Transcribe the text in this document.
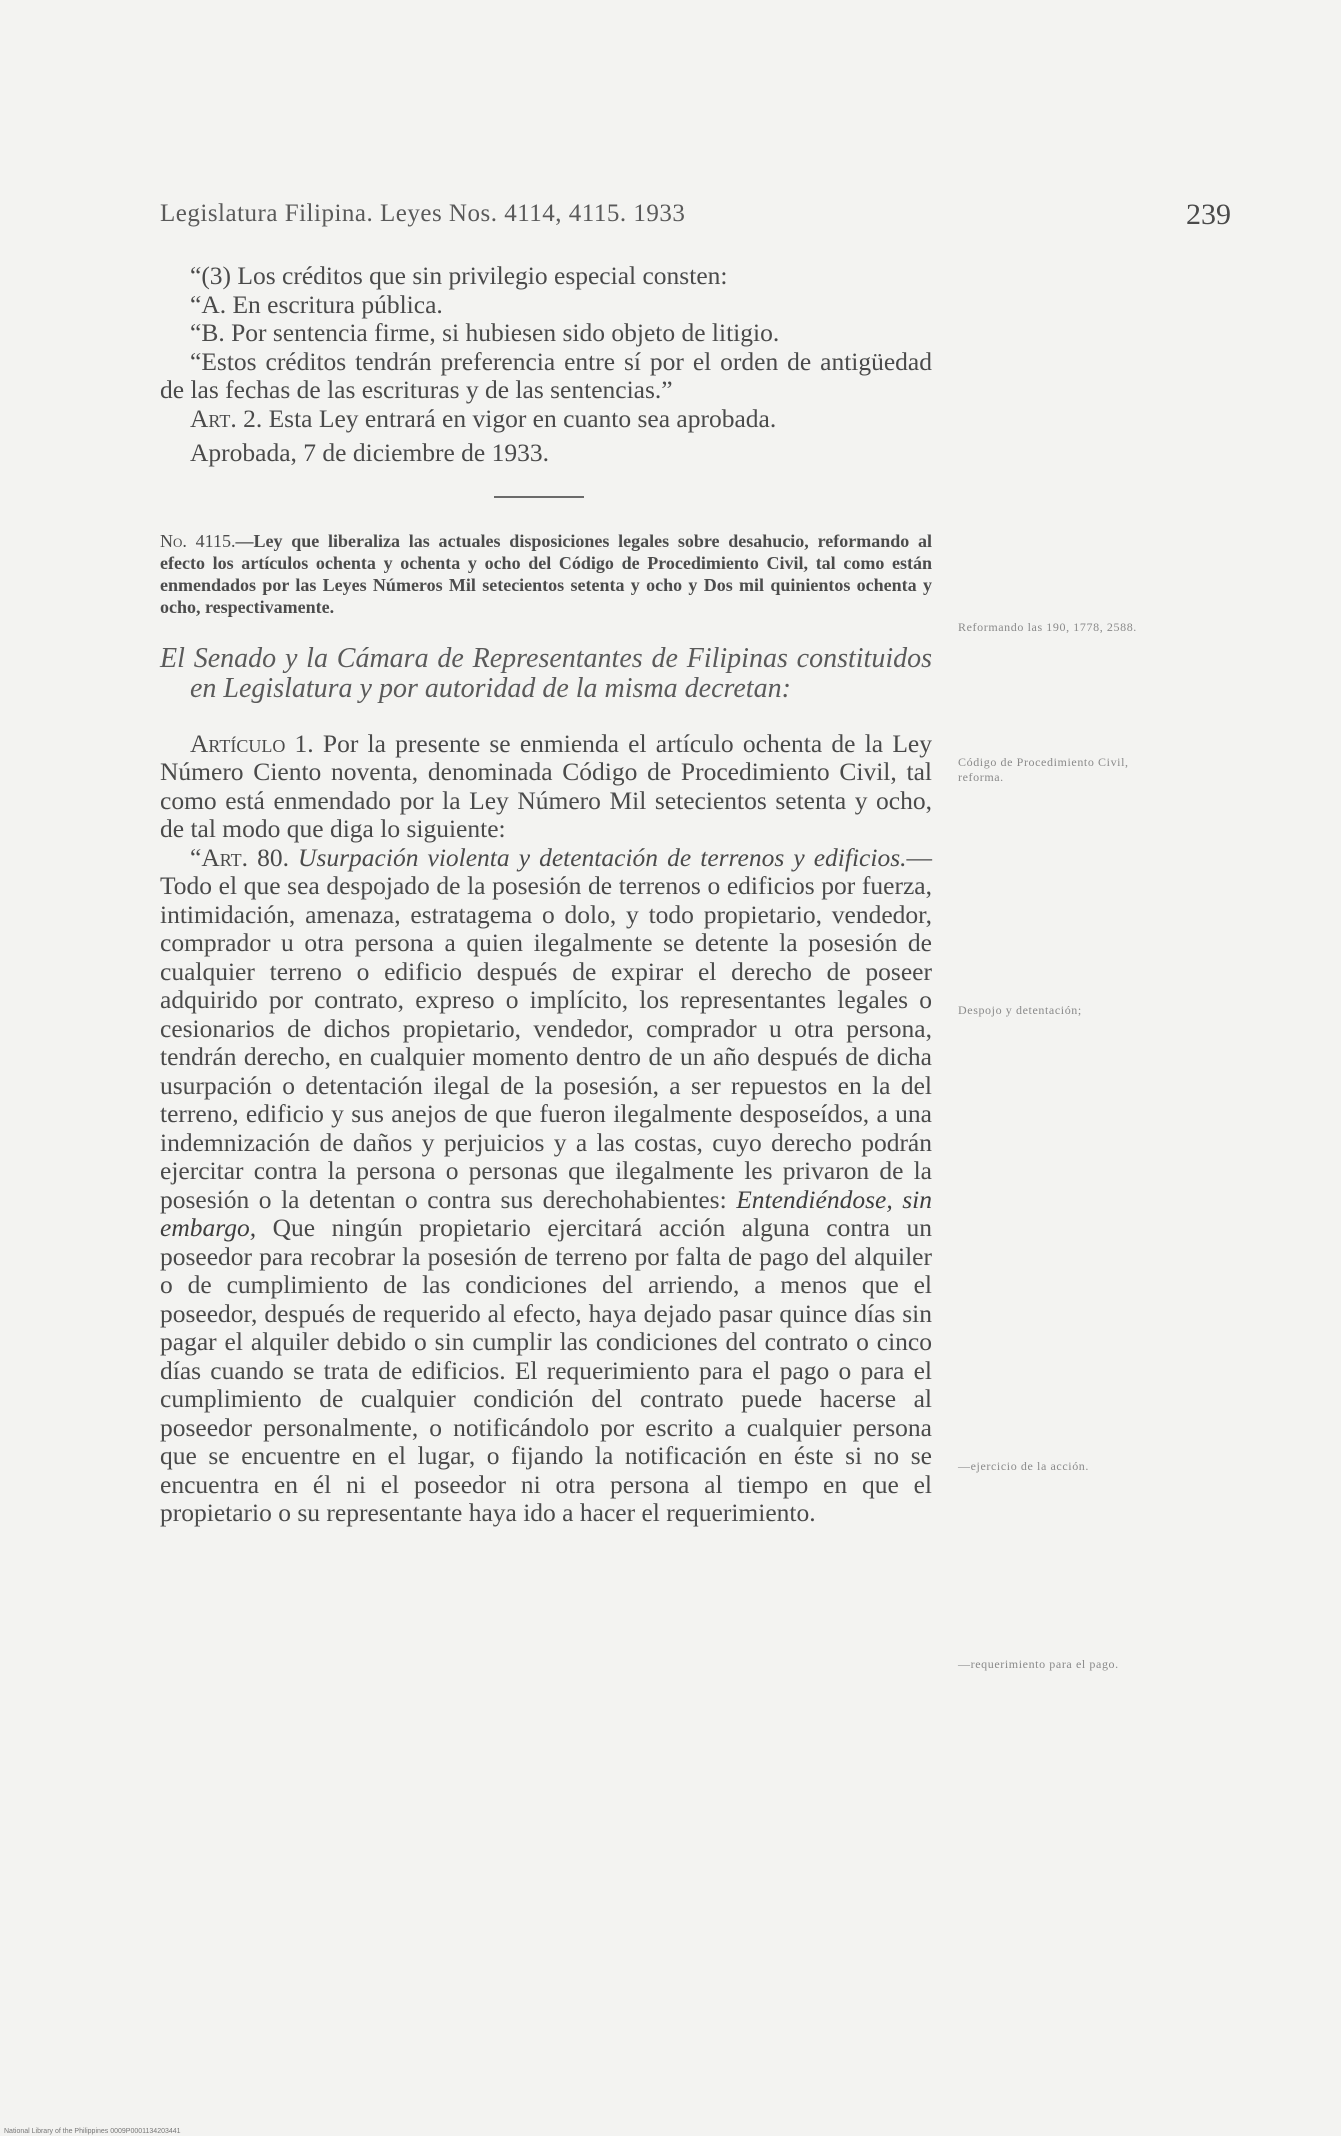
Legislatura Filipina. Leyes Nos. 4114, 4115. 1933	239

“(3) Los créditos que sin privilegio especial consten:

“A. En escritura pública.

“B. Por sentencia firme, si hubiesen sido objeto de litigio.

“Estos créditos tendrán preferencia entre sí por el orden de antigüedad de las fechas de las escrituras y de las sentencias.”

Art. 2. Esta Ley entrará en vigor en cuanto sea aprobada.

Aprobada, 7 de diciembre de 1933.

No. 4115.—Ley que liberaliza las actuales disposiciones legales sobre desahucio, reformando al efecto los artículos ochenta y ochenta y ocho del Código de Procedimiento Civil, tal como están enmendados por las Leyes Números Mil setecientos setenta y ocho y Dos mil quinientos ochenta y ocho, respectivamente.

El Senado y la Cámara de Representantes de Filipinas constituidos en Legislatura y por autoridad de la misma decretan:

Artículo 1. Por la presente se enmienda el artículo ochenta de la Ley Número Ciento noventa, denominada Código de Procedimiento Civil, tal como está enmendado por la Ley Número Mil setecientos setenta y ocho, de tal modo que diga lo siguiente:

“Art. 80. Usurpación violenta y detentación de terrenos y edificios.—Todo el que sea despojado de la posesión de terrenos o edificios por fuerza, intimidación, amenaza, estratagema o dolo, y todo propietario, vendedor, comprador u otra persona a quien ilegalmente se detente la posesión de cualquier terreno o edificio después de expirar el derecho de poseer adquirido por contrato, expreso o implícito, los representantes legales o cesionarios de dichos propietario, vendedor, comprador u otra persona, tendrán derecho, en cualquier momento dentro de un año después de dicha usurpación o detentación ilegal de la posesión, a ser repuestos en la del terreno, edificio y sus anejos de que fueron ilegalmente desposeídos, a una indemnización de daños y perjuicios y a las costas, cuyo derecho podrán ejercitar contra la persona o personas que ilegalmente les privaron de la posesión o la detentan o contra sus derechohabientes: Entendiéndose, sin embargo, Que ningún propietario ejercitará acción alguna contra un poseedor para recobrar la posesión de terreno por falta de pago del alquiler o de cumplimiento de las condiciones del arriendo, a menos que el poseedor, después de requerido al efecto, haya dejado pasar quince días sin pagar el alquiler debido o sin cumplir las condiciones del contrato o cinco días cuando se trata de edificios. El requerimiento para el pago o para el cumplimiento de cualquier condición del contrato puede hacerse al poseedor personalmente, o notificándolo por escrito a cualquier persona que se encuentre en el lugar, o fijando la notificación en éste si no se encuentra en él ni el poseedor ni otra persona al tiempo en que el propietario o su representante haya ido a hacer el requerimiento.

Reformando las 190, 1778, 2588.
Código de Procedimiento Civil, reforma.
Despojo y detentación;
—ejercicio de la acción.
—requerimiento para el pago.
National Library of the Philippines 0009P0001134203441
